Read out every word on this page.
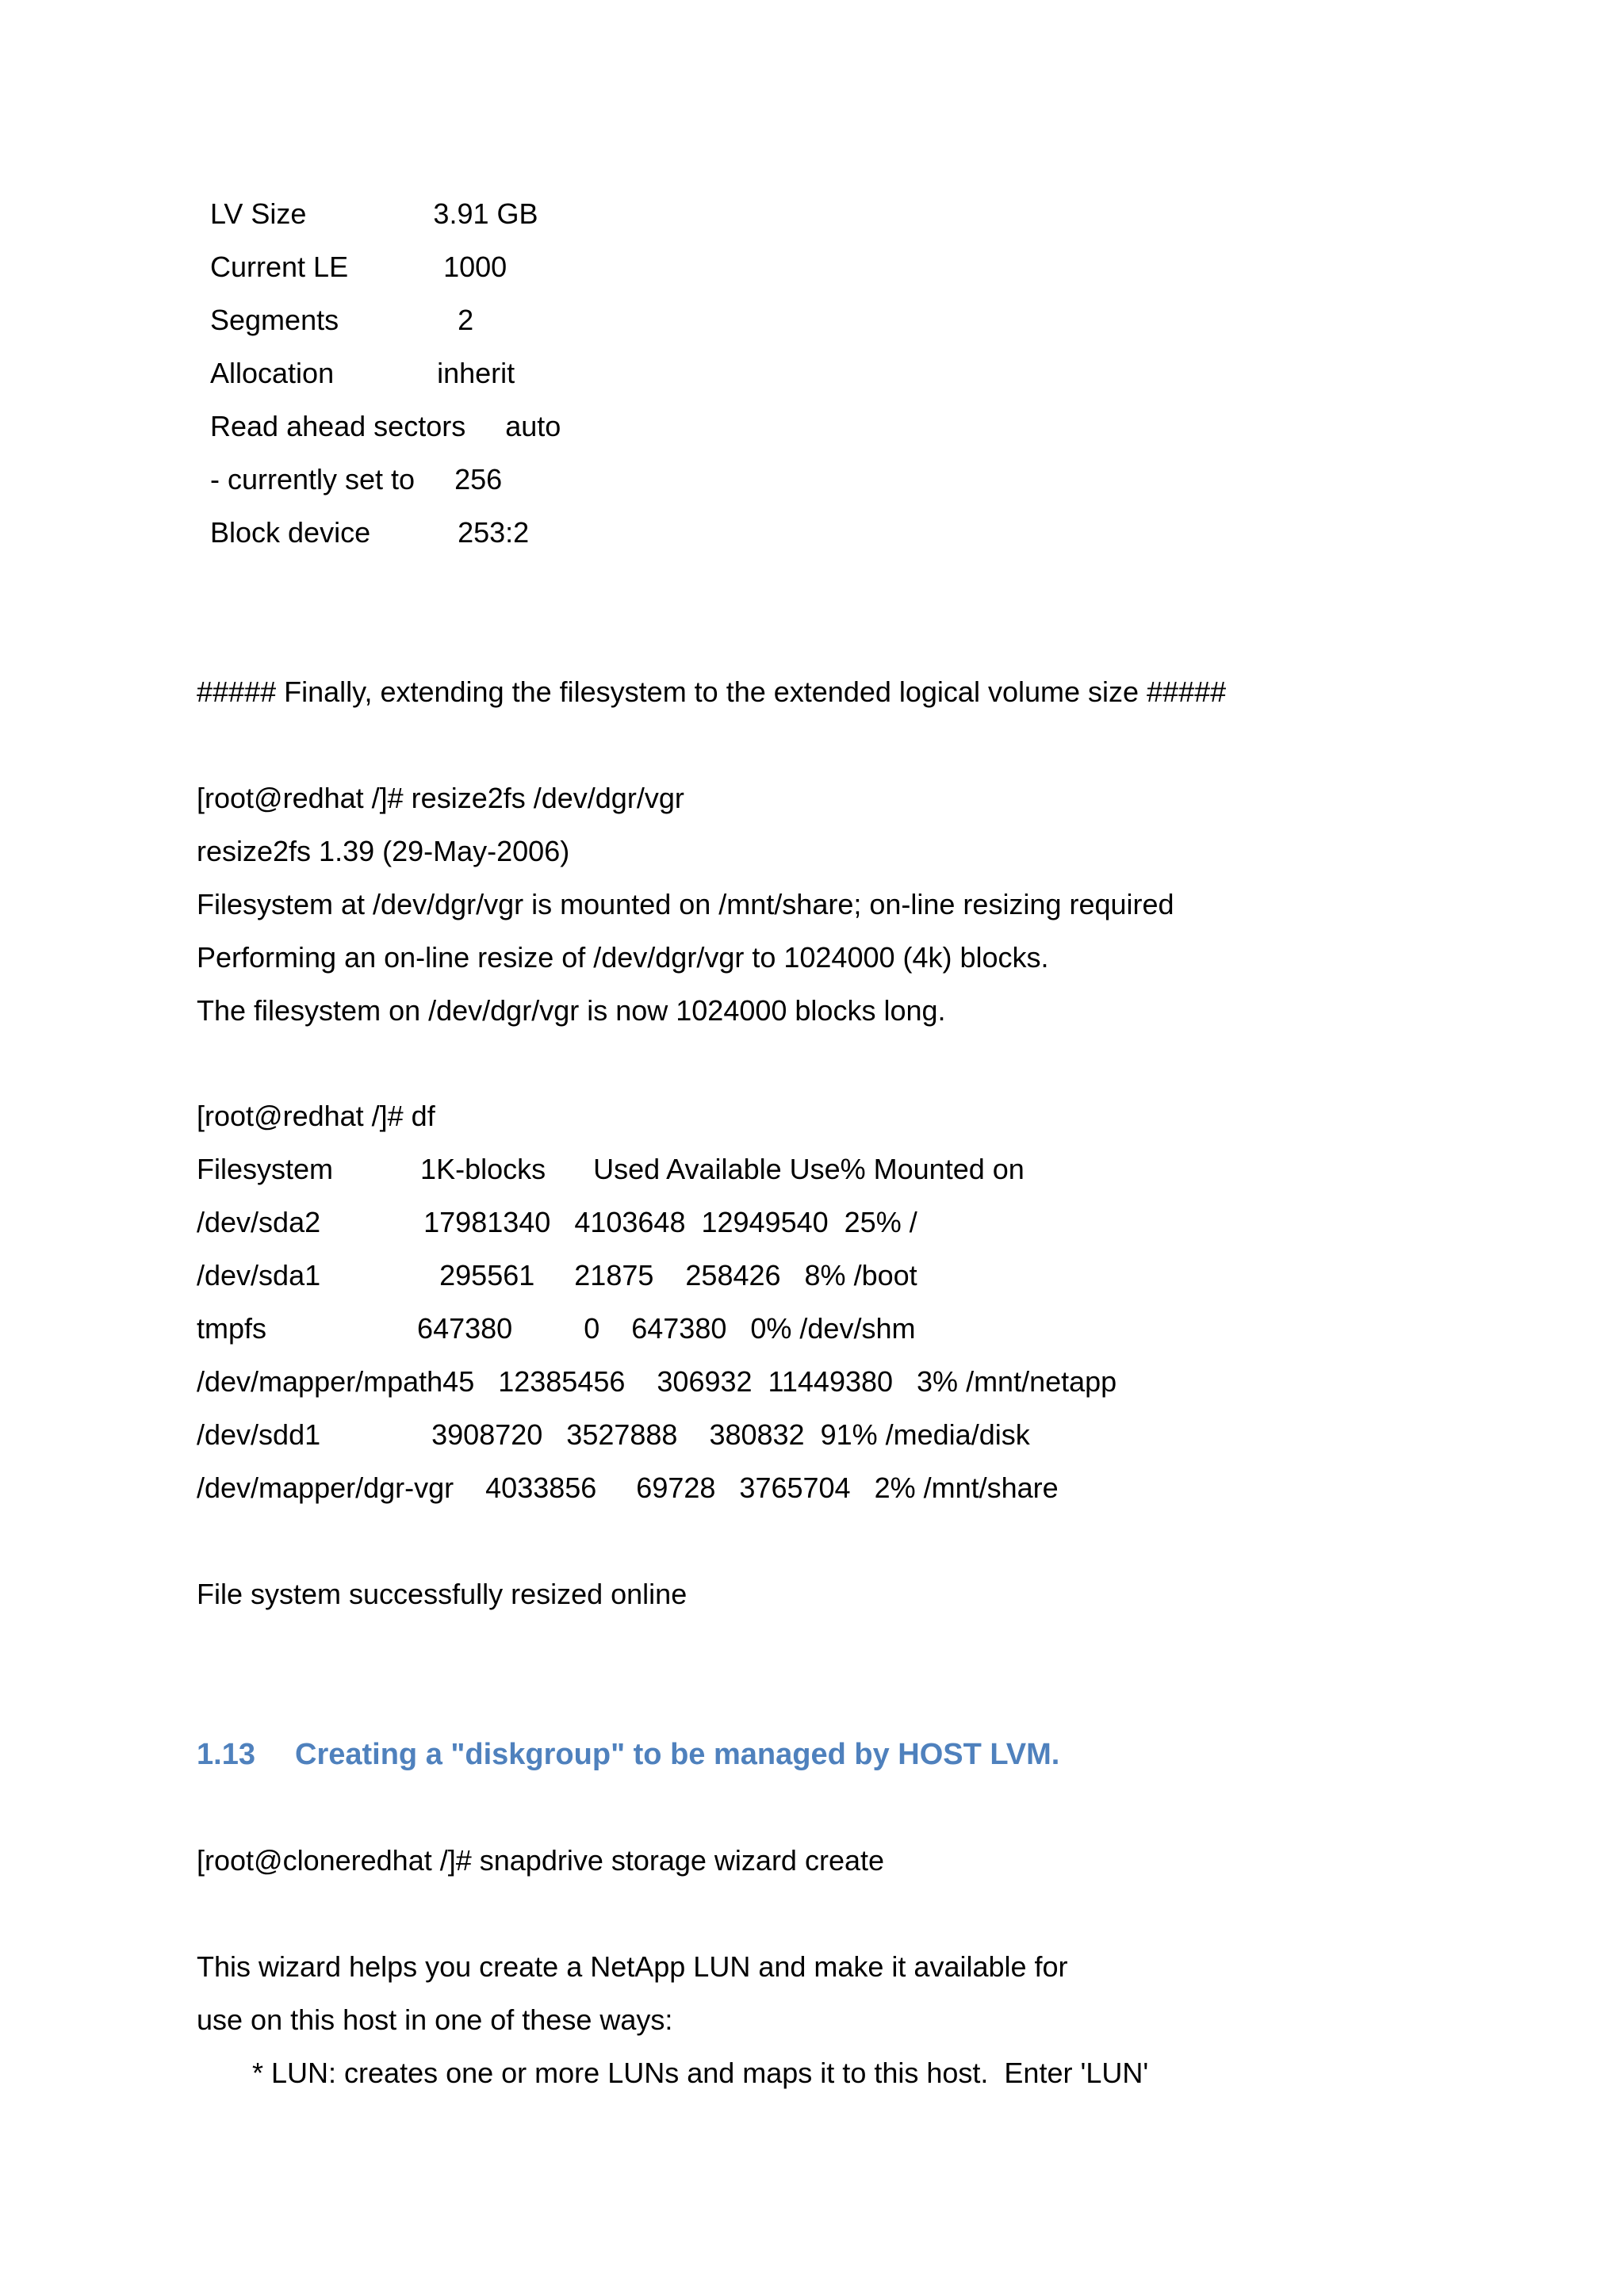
LV Size                3.91 GB
Current LE            1000
Segments               2
Allocation             inherit
Read ahead sectors     auto
- currently set to     256
Block device           253:2
##### Finally, extending the filesystem to the extended logical volume size #####
[root@redhat /]# resize2fs /dev/dgr/vgr
resize2fs 1.39 (29-May-2006)
Filesystem at /dev/dgr/vgr is mounted on /mnt/share; on-line resizing required
Performing an on-line resize of /dev/dgr/vgr to 1024000 (4k) blocks.
The filesystem on /dev/dgr/vgr is now 1024000 blocks long.
[root@redhat /]# df
Filesystem           1K-blocks      Used Available Use% Mounted on
/dev/sda2             17981340   4103648  12949540  25% /
/dev/sda1               295561     21875    258426   8% /boot
tmpfs                   647380         0    647380   0% /dev/shm
/dev/mapper/mpath45   12385456    306932  11449380   3% /mnt/netapp
/dev/sdd1              3908720   3527888    380832  91% /media/disk
/dev/mapper/dgr-vgr    4033856     69728   3765704   2% /mnt/share
File system successfully resized online
1.13 Creating a "diskgroup" to be managed by HOST LVM.
[root@cloneredhat /]# snapdrive storage wizard create
This wizard helps you create a NetApp LUN and make it available for
use on this host in one of these ways:
* LUN: creates one or more LUNs and maps it to this host.  Enter 'LUN'
